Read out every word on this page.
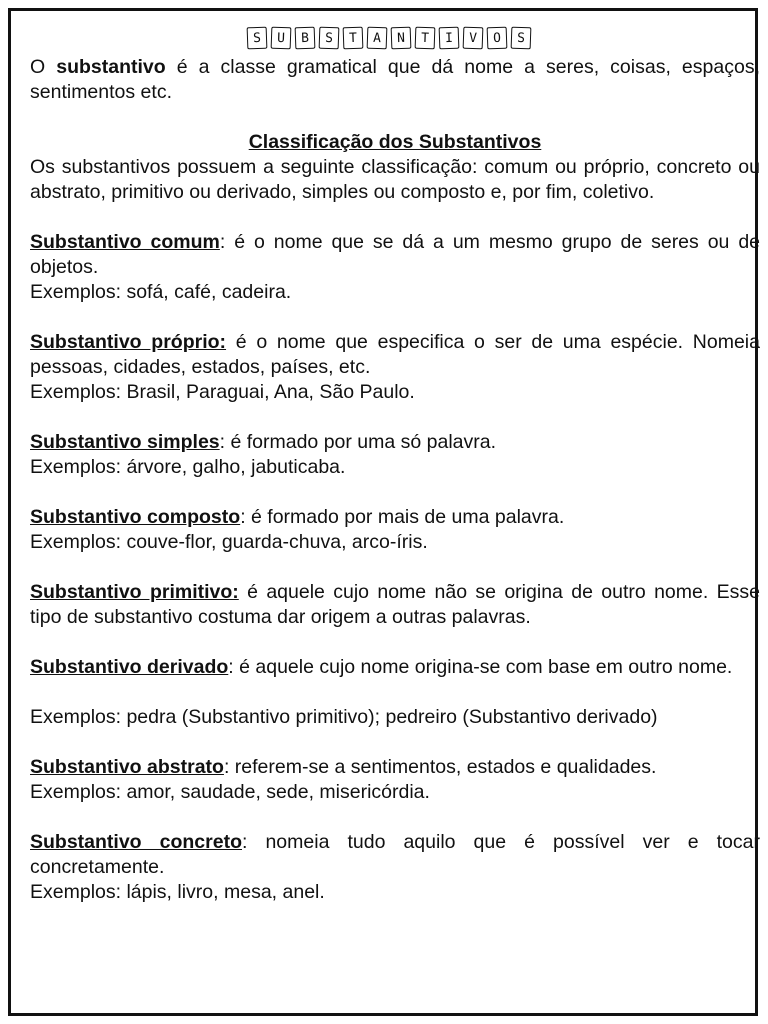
S	U	B	S	T	A	N	T	I	V	O	S

O substantivo é a classe gramatical que dá nome a seres, coisas, espaços, sentimentos etc.

Classificação dos Substantivos

Os substantivos possuem a seguinte classificação: comum ou próprio, concreto ou abstrato, primitivo ou derivado, simples ou composto e, por fim, coletivo.

Substantivo comum: é o nome que se dá a um mesmo grupo de seres ou de objetos.

Exemplos: sofá, café, cadeira.

Substantivo próprio: é o nome que especifica o ser de uma espécie. Nomeia pessoas, cidades, estados, países, etc.

Exemplos: Brasil, Paraguai, Ana, São Paulo.

Substantivo simples: é formado por uma só palavra.

Exemplos: árvore, galho, jabuticaba.

Substantivo composto: é formado por mais de uma palavra.

Exemplos: couve-flor, guarda-chuva, arco-íris.

Substantivo primitivo: é aquele cujo nome não se origina de outro nome. Esse tipo de substantivo costuma dar origem a outras palavras.

Substantivo derivado: é aquele cujo nome origina-se com base em outro nome.

Exemplos: pedra (Substantivo primitivo); pedreiro (Substantivo derivado)

Substantivo abstrato: referem-se a sentimentos, estados e qualidades.

Exemplos: amor, saudade, sede, misericórdia.

Substantivo concreto: nomeia tudo aquilo que é possível ver e tocar concretamente.

Exemplos: lápis, livro, mesa, anel.
